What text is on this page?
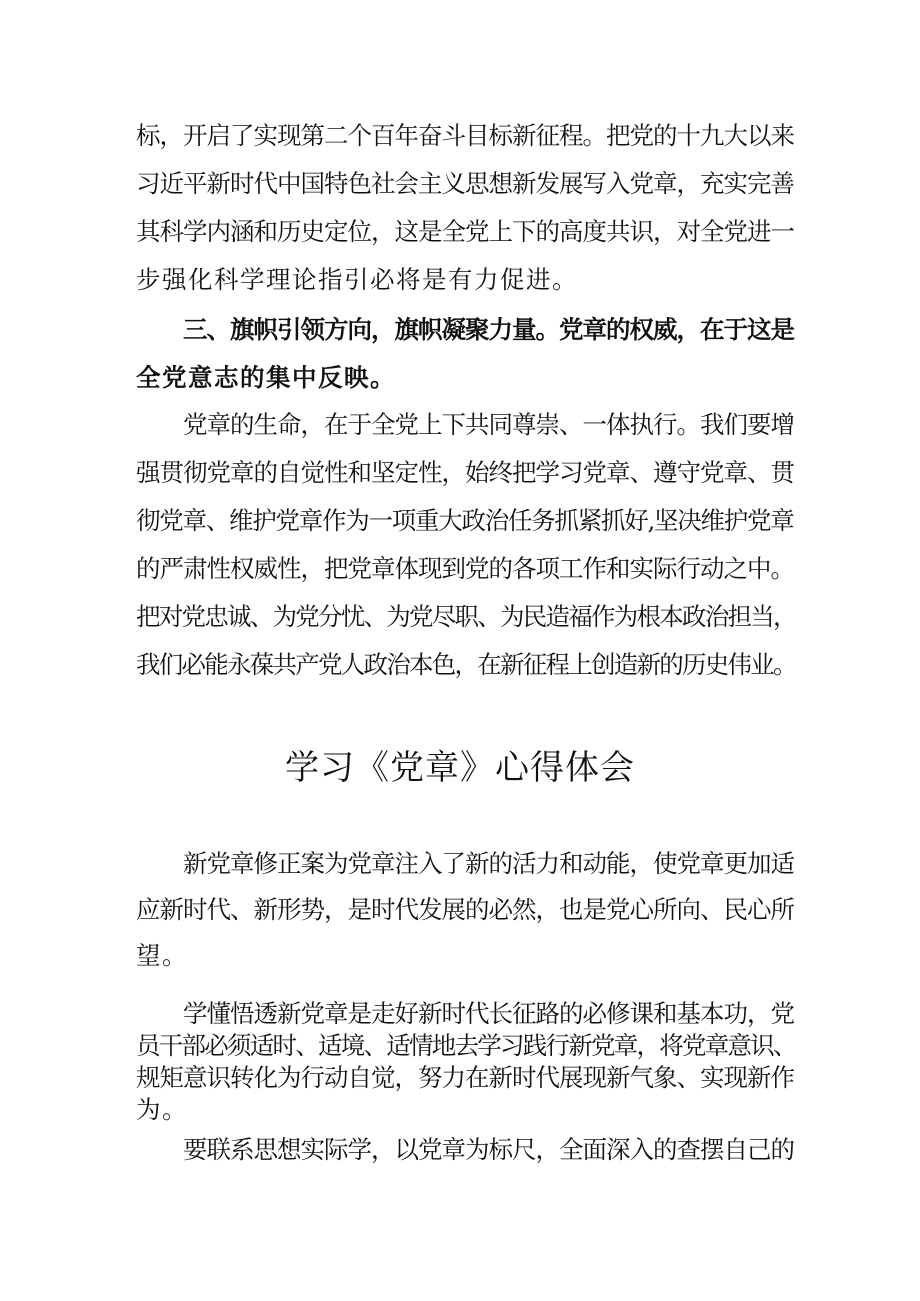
标，开启了实现第二个百年奋斗目标新征程。把党的十九大以来
习近平新时代中国特色社会主义思想新发展写入党章，充实完善
其科学内涵和历史定位，这是全党上下的高度共识，对全党进一
步强化科学理论指引必将是有力促进。

　　三、旗帜引领方向，旗帜凝聚力量。党章的权威，在于这是
全党意志的集中反映。

　　党章的生命，在于全党上下共同尊崇、一体执行。我们要增
强贯彻党章的自觉性和坚定性，始终把学习党章、遵守党章、贯
彻党章、维护党章作为一项重大政治任务抓紧抓好,坚决维护党章
的严肃性权威性，把党章体现到党的各项工作和实际行动之中。
把对党忠诚、为党分忧、为党尽职、为民造福作为根本政治担当，
我们必能永葆共产党人政治本色，在新征程上创造新的历史伟业。

学习《党章》心得体会

　　新党章修正案为党章注入了新的活力和动能，使党章更加适
应新时代、新形势，是时代发展的必然，也是党心所向、民心所
望。

　　学懂悟透新党章是走好新时代长征路的必修课和基本功，党
员干部必须适时、适境、适情地去学习践行新党章，将党章意识、
规矩意识转化为行动自觉，努力在新时代展现新气象、实现新作
为。

　　要联系思想实际学，以党章为标尺，全面深入的查摆自己的
